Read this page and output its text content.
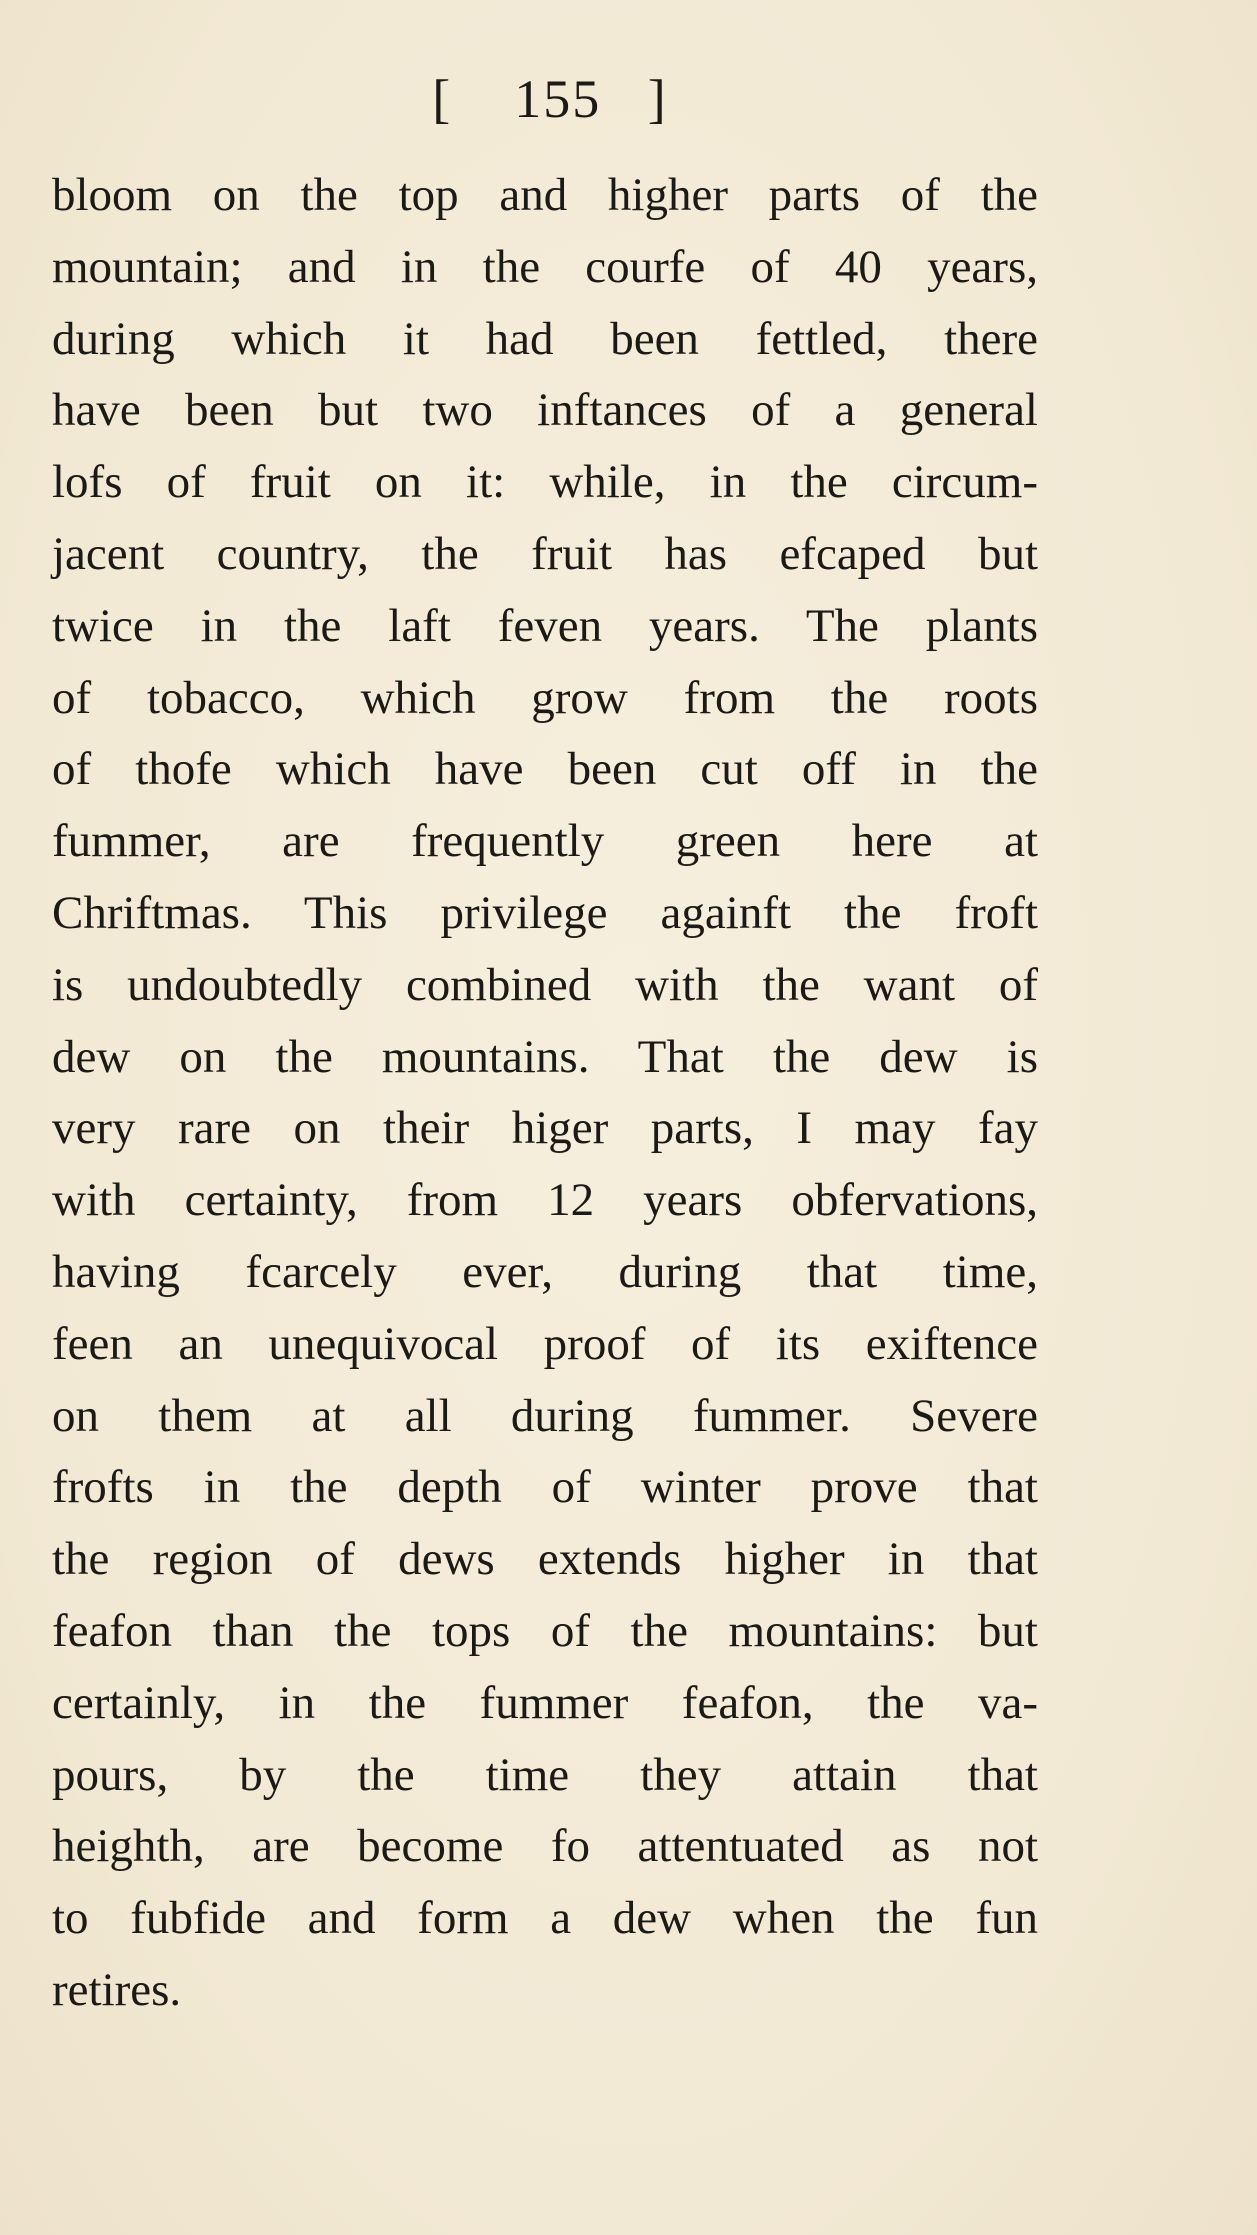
[    155   ]
bloom on the top and higher parts of the
mountain; and in the courfe of 40 years,
during which it had been fettled, there
have been but two inftances of a general
lofs of fruit on it: while, in the circum-
jacent country, the fruit has efcaped but
twice in the laft feven years. The plants
of tobacco, which grow from the roots
of thofe which have been cut off in the
fummer, are frequently green here at
Chriftmas. This privilege againft the froft
is undoubtedly combined with the want of
dew on the mountains. That the dew is
very rare on their higer parts, I may fay
with certainty, from 12 years obfervations,
having fcarcely ever, during that time,
feen an unequivocal proof of its exiftence
on them at all during fummer. Severe
frofts in the depth of winter prove that
the region of dews extends higher in that
feafon than the tops of the mountains: but
certainly, in the fummer feafon, the va-
pours, by the time they attain that
heighth, are become fo attentuated as not
to fubfide and form a dew when the fun
retires.
